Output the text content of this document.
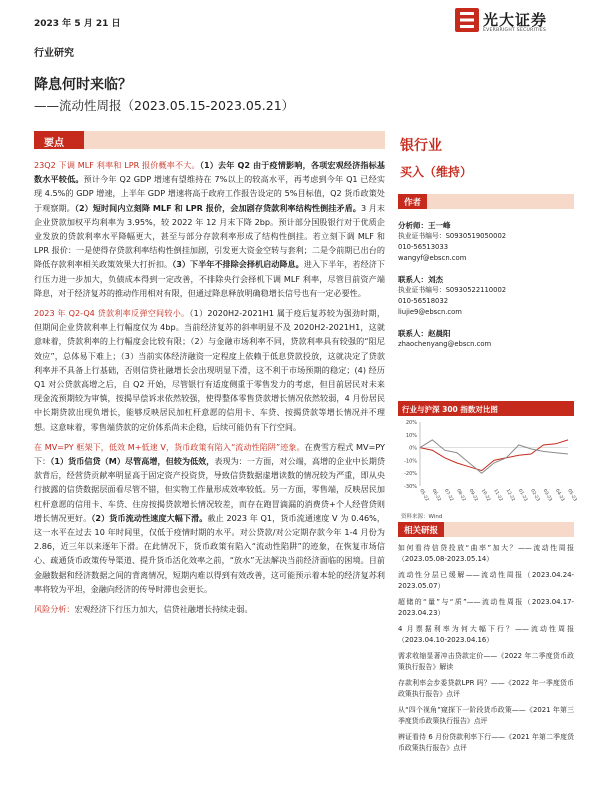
2023 年 5 月 21 日	光大证券
EVERBRIGHT SECURITIES
行业研究
降息何时来临？
——流动性周报（2023.05.15-2023.05.21）
要点

23Q2 下调 MLF 利率和 LPR 报价概率不大。（1）去年 Q2 由于疫情影响，各项宏观经济指标基数水平较低。预计今年 Q2 GDP 增速有望维持在 7%以上的较高水平，再考虑到今年 Q1 已经实现 4.5%的 GDP 增速，上半年 GDP 增速将高于政府工作报告设定的 5%目标值，Q2 货币政策处于观察期。（2）短时间内立刻降 MLF 和 LPR 报价，会加剧存贷款利率结构性倒挂矛盾。3 月末企业贷款加权平均利率为 3.95%，较 2022 年 12 月末下降 2bp。预计部分国股银行对于优质企业发放的贷款利率水平降幅更大，甚至与部分存款利率形成了结构性倒挂。若立刻下调 MLF 和 LPR 报价：一是使得存贷款利率结构性倒挂加剧，引发更大资金空转与套利；二是令前期已出台的降低存款利率相关政策效果大打折扣。（3）下半年不排除会择机启动降息。进入下半年，若经济下行压力进一步加大，负债成本得到一定改善，不排除央行会择机下调 MLF 利率，尽管目前资产端降息，对于经济复苏的推动作用相对有限，但通过降息释放明确稳增长信号也有一定必要性。

2023 年 Q2-Q4 贷款利率反弹空间较小。（1）2020H2-2021H1 属于疫后复苏较为强劲时期，但期间企业贷款利率上行幅度仅为 4bp。当前经济复苏的斜率明显不及 2020H2-2021H1，这就意味着，贷款利率的上行幅度会比较有限；（2）与金融市场利率不同，贷款利率具有较强的“阻尼效应”，总体易下难上；（3）当前实体经济融资一定程度上依赖于低息贷款投放，这就决定了贷款利率并不具备上行基础，否则信贷社融增长会出现明显下滑，这不利于市场预期的稳定；(4) 经历 Q1 对公贷款高增之后，自 Q2 开始，尽管银行有适度侧重于零售发力的考虑，但目前居民对未来现金流预期较为审慎，按揭早偿诉求依然较强，使得整体零售贷款增长情况依然较弱，4 月份居民中长期贷款出现负增长，能够反映居民加杠杆意愿的信用卡、车贷、按揭贷款等增长情况并不理想。这意味着，零售端贷款的定价体系尚未企稳，后续可能仍有下行空间。

在 MV=PY 框架下，低效 M+低速 V，货币政策有陷入“流动性陷阱”迹象。在费雪方程式 MV=PY 下：（1）货币信贷（M）尽管高增，但较为低效，表现为：一方面，对公端，高增的企业中长期贷款背后，经营贷贡献率明显高于固定资产投资贷，导致信贷数据虚增读数的情况较为严重，即从央行披露的信贷数据层面看尽管不错，但实物工作量形成效率较低。另一方面，零售端，反映居民加杠杆意愿的信用卡、车贷、住房按揭贷款增长情况较差，而存在跑冒滴漏的消费贷+个人经营贷则增长情况更好。（2）货币流动性速度大幅下滑。截止 2023 年 Q1，货币流通速度 V 为 0.46%，这一水平在过去 10 年时间里，仅低于疫情时期的水平。对公贷款/对公定期存款今年 1-4 月份为 2.86，近三年以来逐年下滑。在此情况下，货币政策有陷入“流动性陷阱”的迹象，在恢复市场信心、疏通货币政策传导渠道、提升货币活化效率之前，“放水”无法解决当前经济面临的困境。目前金融数据和经济数据之间的背离情况，短期内难以得到有效改善，这可能预示着本轮的经济复苏利率将较为平坦，金融向经济的传导时滞也会更长。

风险分析：宏观经济下行压力加大，信贷社融增长持续走弱。

银行业
买入（维持）
作者
分析师：王一峰
执业证书编号：S0930519050002
010-56513033
wangyf@ebscn.com
联系人：刘杰
执业证书编号：S0930522110002
010-56518032
liujie9@ebscn.com
联系人：赵晨阳
zhaochenyang@ebscn.com
行业与沪深 300 指数对比图
-30%
-20%
-10%
0%
10%
20%
05-22 06-22 07-22 08-22 09-22 10-22 11-22 12-22 01-23 02-23 03-23 04-23 05-23
资料来源：Wind
相关研报
如何看待信贷投放“曲率”加大？——流动性周报（2023.05.08-2023.05.14）
流动性分层已缓解——流动性周报（2023.04.24-2023.05.07）
超储的“量”与“质”——流动性周报（2023.04.17-2023.04.23）
4 月票据利率为何大幅下行？——流动性周报（2023.04.10-2023.04.16）
需求收缩显著冲击贷款定价——《2022 年二季度货币政策执行报告》解读
存款利率会步委贷款LPR 吗？——《2022 年一季度货币政策执行报告》点评
从“四个视角”窥探下一阶段货币政策——《2021 年第三季度货币政策执行报告》点评
辨证看待 6 月份贷款利率下行——《2021 年第二季度货币政策执行报告》点评
